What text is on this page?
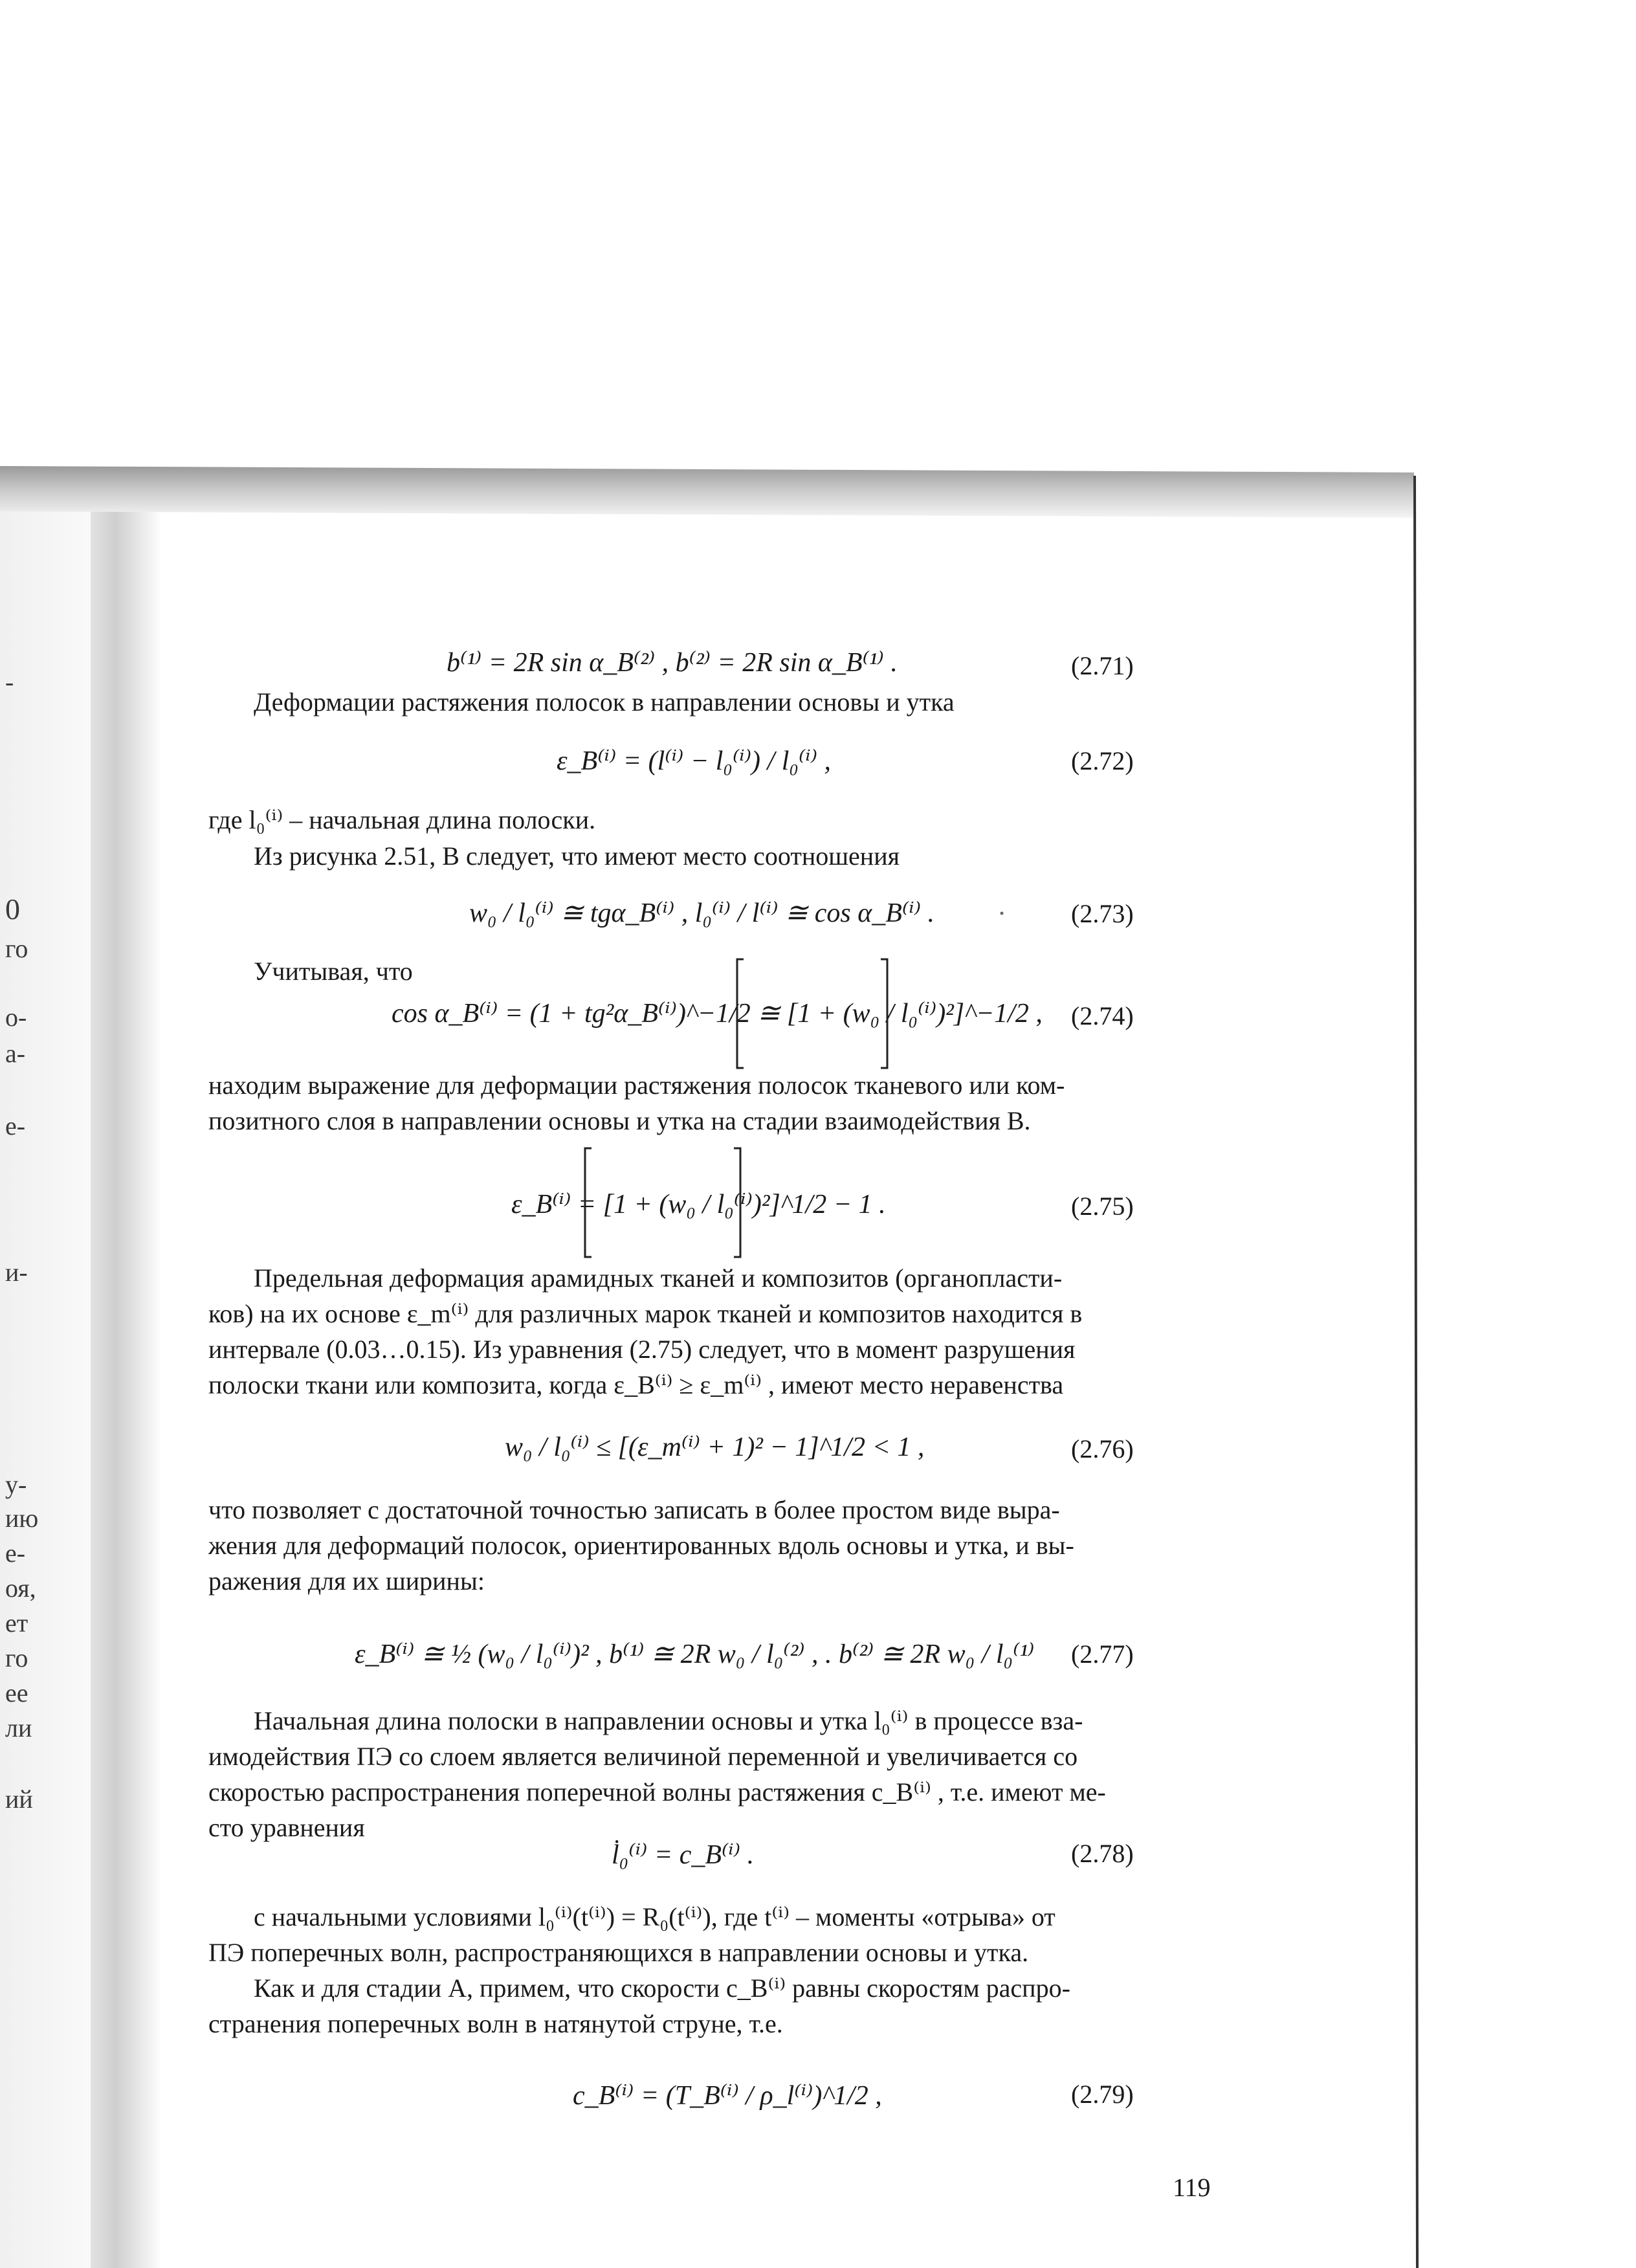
-
0
го
о-
а-
е-
и-
у-
ию
е-
оя,
ет
го
ее
ли
ий
b⁽¹⁾ = 2R sin α_B⁽²⁾ , b⁽²⁾ = 2R sin α_B⁽¹⁾ .	(2.71)
Деформации растяжения полосок в направлении основы и утка
ε_B⁽ⁱ⁾ = (l⁽ⁱ⁾ − l₀⁽ⁱ⁾) / l₀⁽ⁱ⁾ ,	(2.72)
где l₀⁽ⁱ⁾ – начальная длина полоски.
Из рисунка 2.51, В следует, что имеют место соотношения
w₀ / l₀⁽ⁱ⁾ ≅ tgα_B⁽ⁱ⁾ , l₀⁽ⁱ⁾ / l⁽ⁱ⁾ ≅ cos α_B⁽ⁱ⁾ .	(2.73)
Учитывая, что
cos α_B⁽ⁱ⁾ = (1 + tg²α_B⁽ⁱ⁾)^−1/2 ≅ [1 + (w₀ / l₀⁽ⁱ⁾)²]^−1/2 , (2.74)
находим выражение для деформации растяжения полосок тканевого или ком-
позитного слоя в направлении основы и утка на стадии взаимодействия B.
ε_B⁽ⁱ⁾ = [1 + (w₀ / l₀⁽ⁱ⁾)²]^1/2 − 1 .	(2.75)
Предельная деформация арамидных тканей и композитов (органопласти-
ков) на их основе ε_m⁽ⁱ⁾ для различных марок тканей и композитов находится в
интервале (0.03…0.15). Из уравнения (2.75) следует, что в момент разрушения
полоски ткани или композита, когда ε_B⁽ⁱ⁾ ≥ ε_m⁽ⁱ⁾ , имеют место неравенства
w₀ / l₀⁽ⁱ⁾ ≤ [(ε_m⁽ⁱ⁾ + 1)² − 1]^1/2 < 1 ,	(2.76)
что позволяет с достаточной точностью записать в более простом виде выра-
жения для деформаций полосок, ориентированных вдоль основы и утка, и вы-
ражения для их ширины:
ε_B⁽ⁱ⁾ ≅ ½ (w₀ / l₀⁽ⁱ⁾)² , b⁽¹⁾ ≅ 2R w₀ / l₀⁽²⁾ , . b⁽²⁾ ≅ 2R w₀ / l₀⁽¹⁾ (2.77)
Начальная длина полоски в направлении основы и утка l₀⁽ⁱ⁾ в процессе вза-
имодействия ПЭ со слоем является величиной переменной и увеличивается со
скоростью распространения поперечной волны растяжения c_B⁽ⁱ⁾ , т.е. имеют ме-
сто уравнения
l̇₀⁽ⁱ⁾ = c_B⁽ⁱ⁾ .	(2.78)
с начальными условиями l₀⁽ⁱ⁾(t⁽ⁱ⁾) = R₀(t⁽ⁱ⁾), где t⁽ⁱ⁾ – моменты «отрыва» от
ПЭ поперечных волн, распространяющихся в направлении основы и утка.
Как и для стадии A, примем, что скорости c_B⁽ⁱ⁾ равны скоростям распро-
странения поперечных волн в натянутой струне, т.е.
c_B⁽ⁱ⁾ = (T_B⁽ⁱ⁾ / ρ_l⁽ⁱ⁾)^1/2 ,	(2.79)
119
